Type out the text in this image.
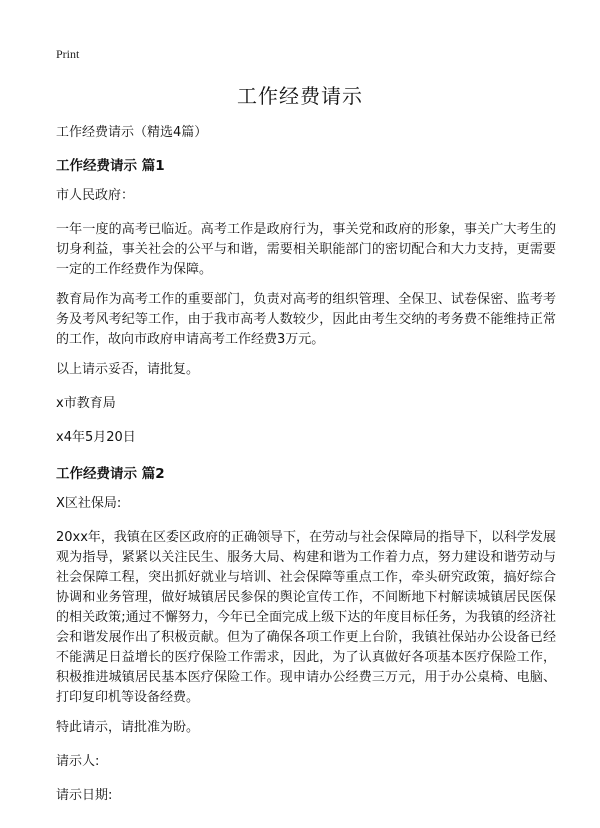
Print
工作经费请示

工作经费请示（精选4篇）

工作经费请示 篇1

市人民政府：

一年一度的高考已临近。高考工作是政府行为，事关党和政府的形象，事关广大考生的切身利益，事关社会的公平与和谐，需要相关职能部门的密切配合和大力支持，更需要一定的工作经费作为保障。

教育局作为高考工作的重要部门，负责对高考的组织管理、全保卫、试卷保密、监考考务及考风考纪等工作，由于我市高考人数较少，因此由考生交纳的考务费不能维持正常的工作，故向市政府申请高考工作经费3万元。

以上请示妥否，请批复。

x市教育局

x4年5月20日

工作经费请示 篇2

X区社保局:

20xx年，我镇在区委区政府的正确领导下，在劳动与社会保障局的指导下，以科学发展观为指导，紧紧以关注民生、服务大局、构建和谐为工作着力点，努力建设和谐劳动与社会保障工程，突出抓好就业与培训、社会保障等重点工作，牵头研究政策，搞好综合协调和业务管理，做好城镇居民参保的舆论宣传工作，不间断地下村解读城镇居民医保的相关政策;通过不懈努力，今年已全面完成上级下达的年度目标任务，为我镇的经济社会和谐发展作出了积极贡献。但为了确保各项工作更上台阶，我镇社保站办公设备已经不能满足日益增长的医疗保险工作需求，因此，为了认真做好各项基本医疗保险工作，积极推进城镇居民基本医疗保险工作。现申请办公经费三万元，用于办公桌椅、电脑、打印复印机等设备经费。

特此请示，请批准为盼。

请示人:

请示日期:
